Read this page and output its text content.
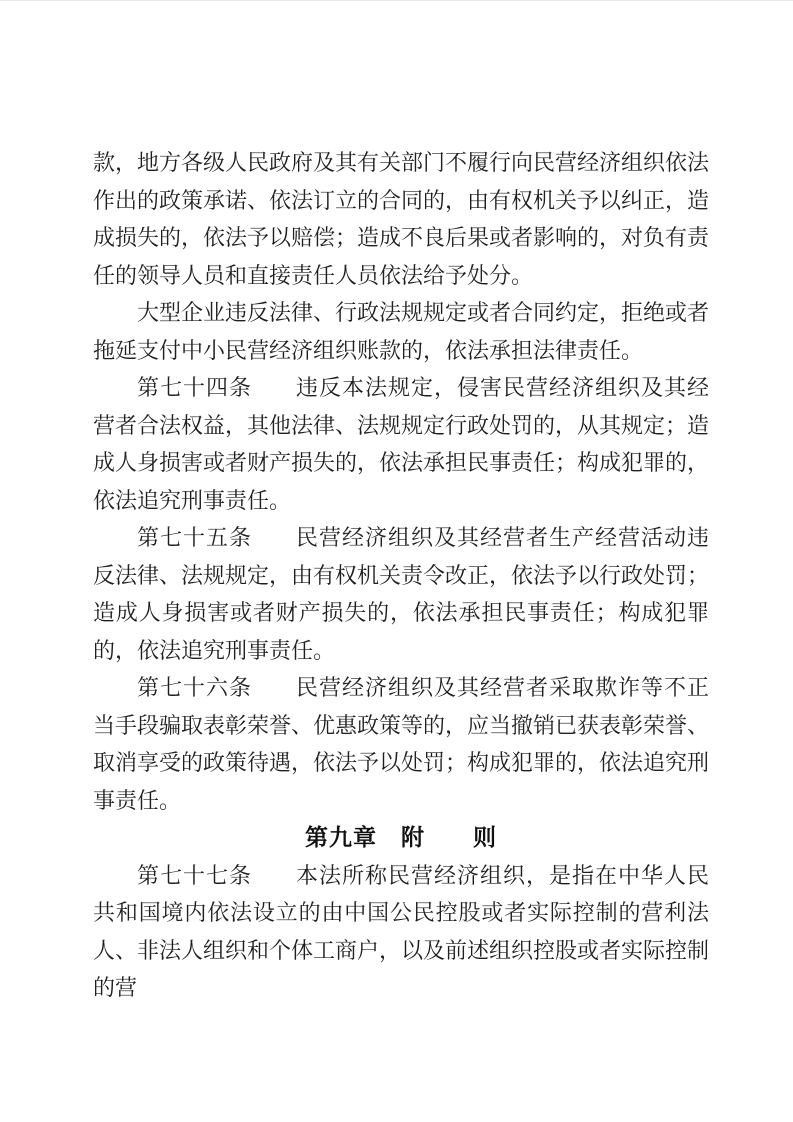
款，地方各级人民政府及其有关部门不履行向民营经济组织依法作出的政策承诺、依法订立的合同的，由有权机关予以纠正，造成损失的，依法予以赔偿；造成不良后果或者影响的，对负有责任的领导人员和直接责任人员依法给予处分。

大型企业违反法律、行政法规规定或者合同约定，拒绝或者拖延支付中小民营经济组织账款的，依法承担法律责任。

第七十四条 违反本法规定，侵害民营经济组织及其经营者合法权益，其他法律、法规规定行政处罚的，从其规定；造成人身损害或者财产损失的，依法承担民事责任；构成犯罪的，依法追究刑事责任。

第七十五条 民营经济组织及其经营者生产经营活动违反法律、法规规定，由有权机关责令改正，依法予以行政处罚；造成人身损害或者财产损失的，依法承担民事责任；构成犯罪的，依法追究刑事责任。

第七十六条 民营经济组织及其经营者采取欺诈等不正当手段骗取表彰荣誉、优惠政策等的，应当撤销已获表彰荣誉、取消享受的政策待遇，依法予以处罚；构成犯罪的，依法追究刑事责任。

第九章　附　　则

第七十七条 本法所称民营经济组织，是指在中华人民共和国境内依法设立的由中国公民控股或者实际控制的营利法人、非法人组织和个体工商户，以及前述组织控股或者实际控制的营
